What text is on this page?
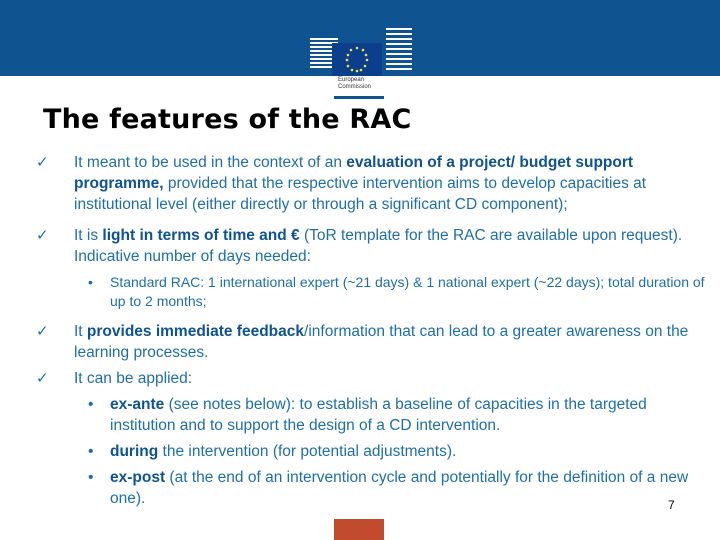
European
Commission
The features of the RAC
✓ It meant to be used in the context of an evaluation of a project/ budget support programme, provided that the respective intervention aims to develop capacities at institutional level (either directly or through a significant CD component);
✓ It is light in terms of time and € (ToR template for the RAC are available upon request). Indicative number of days needed:
• Standard RAC: 1 international expert (~21 days) & 1 national expert (~22 days); total duration of up to 2 months;
✓ It provides immediate feedback/information that can lead to a greater awareness on the learning processes.
✓ It can be applied:
• ex-ante (see notes below): to establish a baseline of capacities in the targeted institution and to support the design of a CD intervention.
• during the intervention (for potential adjustments).
• ex-post (at the end of an intervention cycle and potentially for the definition of a new one).	7
